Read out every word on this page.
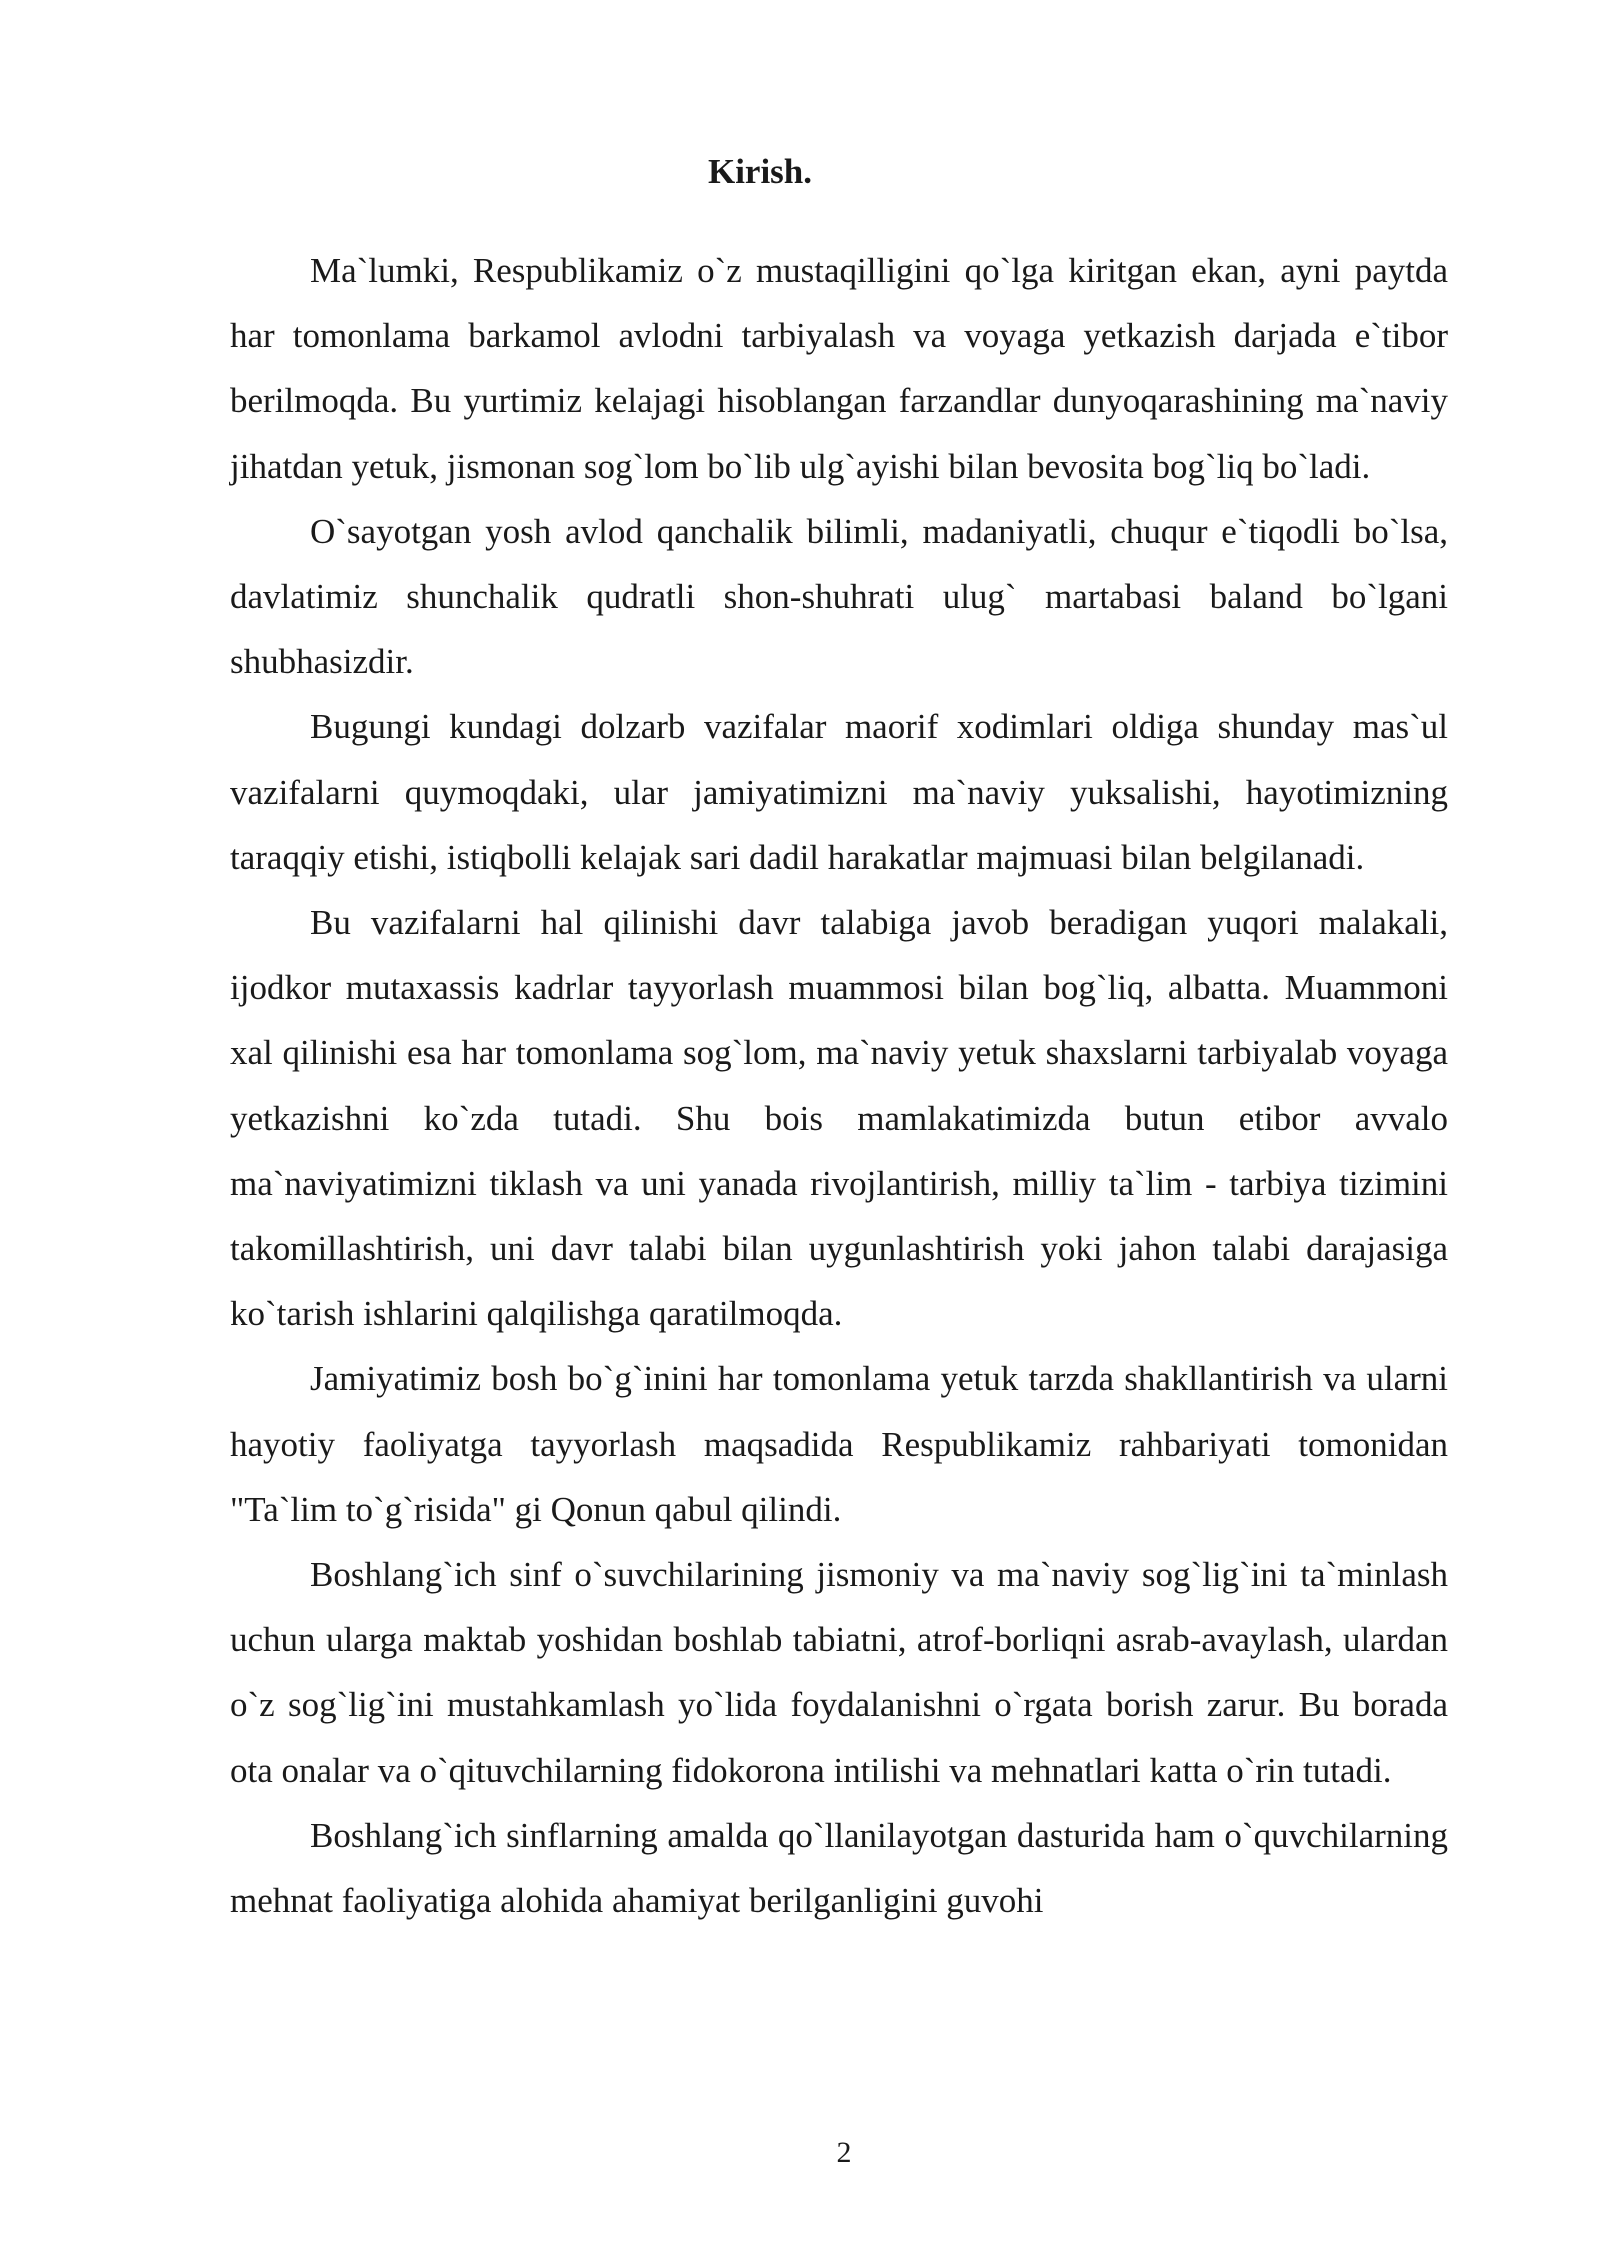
Kirish.

Ma`lumki, Respublikamiz o`z mustaqilligini qo`lga kiritgan ekan, ayni paytda har tomonlama barkamol avlodni tarbiyalash va voyaga yetkazish darjada e`tibor berilmoqda. Bu yurtimiz kelajagi hisoblangan farzandlar dunyoqarashining ma`naviy jihatdan yetuk, jismonan sog`lom bo`lib ulg`ayishi bilan bevosita bog`liq bo`ladi.

O`sayotgan yosh avlod qanchalik bilimli, madaniyatli, chuqur e`tiqodli bo`lsa, davlatimiz shunchalik qudratli shon-shuhrati ulug` martabasi baland bo`lgani shubhasizdir.

Bugungi kundagi dolzarb vazifalar maorif xodimlari oldiga shunday mas`ul vazifalarni quymoqdaki, ular jamiyatimizni ma`naviy yuksalishi, hayotimizning taraqqiy etishi, istiqbolli kelajak sari dadil harakatlar majmuasi bilan belgilanadi.

Bu vazifalarni hal qilinishi davr talabiga javob beradigan yuqori malakali, ijodkor mutaxassis kadrlar tayyorlash muammosi bilan bog`liq, albatta. Muammoni xal qilinishi esa har tomonlama sog`lom, ma`naviy yetuk shaxslarni tarbiyalab voyaga yetkazishni ko`zda tutadi. Shu bois mamlakatimizda butun etibor avvalo ma`naviyatimizni tiklash va uni yanada rivojlantirish, milliy ta`lim - tarbiya tizimini takomillashtirish, uni davr talabi bilan uygunlashtirish yoki jahon talabi darajasiga ko`tarish ishlarini qalqilishga qaratilmoqda.

Jamiyatimiz bosh bo`g`inini har tomonlama yetuk tarzda shakllantirish va ularni hayotiy faoliyatga tayyorlash maqsadida Respublikamiz rahbariyati tomonidan "Ta`lim to`g`risida" gi Qonun qabul qilindi.

Boshlang`ich sinf o`suvchilarining jismoniy va ma`naviy sog`lig`ini ta`minlash uchun ularga maktab yoshidan boshlab tabiatni, atrof-borliqni asrab-avaylash, ulardan o`z sog`lig`ini mustahkamlash yo`lida foydalanishni o`rgata borish zarur. Bu borada ota onalar va o`qituvchilarning fidokorona intilishi va mehnatlari katta o`rin tutadi.

Boshlang`ich sinflarning amalda qo`llanilayotgan dasturida ham o`quvchilarning mehnat faoliyatiga alohida ahamiyat berilganligini guvohi

2
